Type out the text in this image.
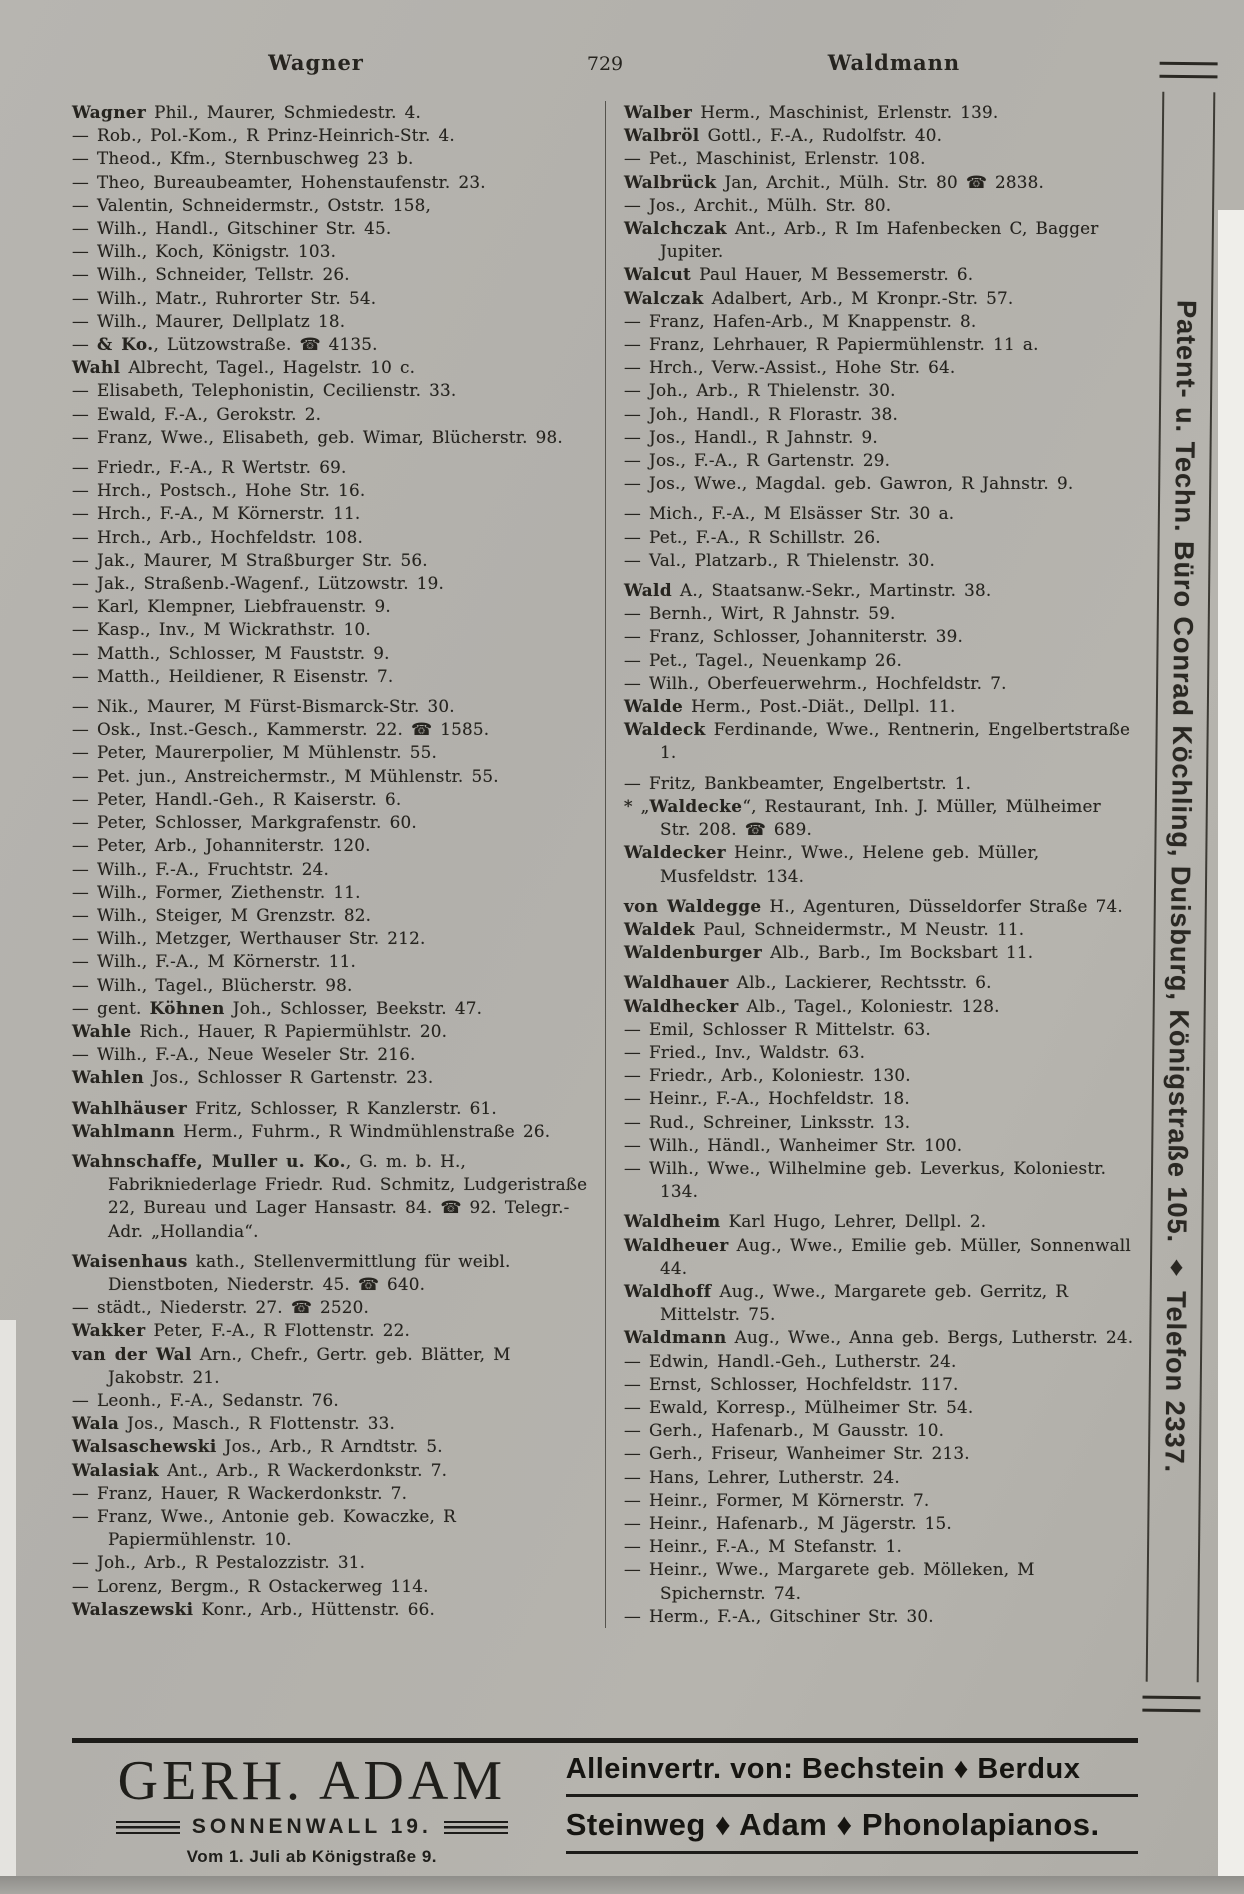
Wagner	729	Waldmann
Wagner Phil., Maurer, Schmiedestr. 4.
— Rob., Pol.-Kom., R Prinz-Heinrich-Str. 4.
— Theod., Kfm., Sternbuschweg 23 b.
— Theo, Bureaubeamter, Hohenstaufenstr. 23.
— Valentin, Schneidermstr., Oststr. 158,
— Wilh., Handl., Gitschiner Str. 45.
— Wilh., Koch, Königstr. 103.
— Wilh., Schneider, Tellstr. 26.
— Wilh., Matr., Ruhrorter Str. 54.
— Wilh., Maurer, Dellplatz 18.
— & Ko., Lützowstraße. ☎ 4135.
Wahl Albrecht, Tagel., Hagelstr. 10 c.
— Elisabeth, Telephonistin, Cecilienstr. 33.
— Ewald, F.-A., Gerokstr. 2.
— Franz, Wwe., Elisabeth, geb. Wimar, Blücherstr. 98.
— Friedr., F.-A., R Wertstr. 69.
— Hrch., Postsch., Hohe Str. 16.
— Hrch., F.-A., M Körnerstr. 11.
— Hrch., Arb., Hochfeldstr. 108.
— Jak., Maurer, M Straßburger Str. 56.
— Jak., Straßenb.-Wagenf., Lützowstr. 19.
— Karl, Klempner, Liebfrauenstr. 9.
— Kasp., Inv., M Wickrathstr. 10.
— Matth., Schlosser, M Fauststr. 9.
— Matth., Heildiener, R Eisenstr. 7.
— Nik., Maurer, M Fürst-Bismarck-Str. 30.
— Osk., Inst.-Gesch., Kammerstr. 22. ☎ 1585.
— Peter, Maurerpolier, M Mühlenstr. 55.
— Pet. jun., Anstreichermstr., M Mühlenstr. 55.
— Peter, Handl.-Geh., R Kaiserstr. 6.
— Peter, Schlosser, Markgrafenstr. 60.
— Peter, Arb., Johanniterstr. 120.
— Wilh., F.-A., Fruchtstr. 24.
— Wilh., Former, Ziethenstr. 11.
— Wilh., Steiger, M Grenzstr. 82.
— Wilh., Metzger, Werthauser Str. 212.
— Wilh., F.-A., M Körnerstr. 11.
— Wilh., Tagel., Blücherstr. 98.
— gent. Köhnen Joh., Schlosser, Beekstr. 47.
Wahle Rich., Hauer, R Papiermühlstr. 20.
— Wilh., F.-A., Neue Weseler Str. 216.
Wahlen Jos., Schlosser R Gartenstr. 23.
Wahlhäuser Fritz, Schlosser, R Kanzlerstr. 61.
Wahlmann Herm., Fuhrm., R Windmühlenstraße 26.
Wahnschaffe, Muller u. Ko., G. m. b. H., Fabrikniederlage Friedr. Rud. Schmitz, Ludgeristraße 22, Bureau und Lager Hansastr. 84. ☎ 92. Telegr.-Adr. „Hollandia“.
Waisenhaus kath., Stellenvermittlung für weibl. Dienstboten, Niederstr. 45. ☎ 640.
— städt., Niederstr. 27. ☎ 2520.
Wakker Peter, F.-A., R Flottenstr. 22.
van der Wal Arn., Chefr., Gertr. geb. Blätter, M Jakobstr. 21.
— Leonh., F.-A., Sedanstr. 76.
Wala Jos., Masch., R Flottenstr. 33.
Walsaschewski Jos., Arb., R Arndtstr. 5.
Walasiak Ant., Arb., R Wackerdonkstr. 7.
— Franz, Hauer, R Wackerdonkstr. 7.
— Franz, Wwe., Antonie geb. Kowaczke, R Papiermühlenstr. 10.
— Joh., Arb., R Pestalozzistr. 31.
— Lorenz, Bergm., R Ostackerweg 114.
Walaszewski Konr., Arb., Hüttenstr. 66.
Walber Herm., Maschinist, Erlenstr. 139.
Walbröl Gottl., F.-A., Rudolfstr. 40.
— Pet., Maschinist, Erlenstr. 108.
Walbrück Jan, Archit., Mülh. Str. 80 ☎ 2838.
— Jos., Archit., Mülh. Str. 80.
Walchczak Ant., Arb., R Im Hafenbecken C, Bagger Jupiter.
Walcut Paul Hauer, M Bessemerstr. 6.
Walczak Adalbert, Arb., M Kronpr.-Str. 57.
— Franz, Hafen-Arb., M Knappenstr. 8.
— Franz, Lehrhauer, R Papiermühlenstr. 11 a.
— Hrch., Verw.-Assist., Hohe Str. 64.
— Joh., Arb., R Thielenstr. 30.
— Joh., Handl., R Florastr. 38.
— Jos., Handl., R Jahnstr. 9.
— Jos., F.-A., R Gartenstr. 29.
— Jos., Wwe., Magdal. geb. Gawron, R Jahnstr. 9.
— Mich., F.-A., M Elsässer Str. 30 a.
— Pet., F.-A., R Schillstr. 26.
— Val., Platzarb., R Thielenstr. 30.
Wald A., Staatsanw.-Sekr., Martinstr. 38.
— Bernh., Wirt, R Jahnstr. 59.
— Franz, Schlosser, Johanniterstr. 39.
— Pet., Tagel., Neuenkamp 26.
— Wilh., Oberfeuerwehrm., Hochfeldstr. 7.
Walde Herm., Post.-Diät., Dellpl. 11.
Waldeck Ferdinande, Wwe., Rentnerin, Engelbertstraße 1.
— Fritz, Bankbeamter, Engelbertstr. 1.
* „Waldecke“, Restaurant, Inh. J. Müller, Mülheimer Str. 208. ☎ 689.
Waldecker Heinr., Wwe., Helene geb. Müller, Musfeldstr. 134.
von Waldegge H., Agenturen, Düsseldorfer Straße 74.
Waldek Paul, Schneidermstr., M Neustr. 11.
Waldenburger Alb., Barb., Im Bocksbart 11.
Waldhauer Alb., Lackierer, Rechtsstr. 6.
Waldhecker Alb., Tagel., Koloniestr. 128.
— Emil, Schlosser R Mittelstr. 63.
— Fried., Inv., Waldstr. 63.
— Friedr., Arb., Koloniestr. 130.
— Heinr., F.-A., Hochfeldstr. 18.
— Rud., Schreiner, Linksstr. 13.
— Wilh., Händl., Wanheimer Str. 100.
— Wilh., Wwe., Wilhelmine geb. Leverkus, Koloniestr. 134.
Waldheim Karl Hugo, Lehrer, Dellpl. 2.
Waldheuer Aug., Wwe., Emilie geb. Müller, Sonnenwall 44.
Waldhoff Aug., Wwe., Margarete geb. Gerritz, R Mittelstr. 75.
Waldmann Aug., Wwe., Anna geb. Bergs, Lutherstr. 24.
— Edwin, Handl.-Geh., Lutherstr. 24.
— Ernst, Schlosser, Hochfeldstr. 117.
— Ewald, Korresp., Mülheimer Str. 54.
— Gerh., Hafenarb., M Gausstr. 10.
— Gerh., Friseur, Wanheimer Str. 213.
— Hans, Lehrer, Lutherstr. 24.
— Heinr., Former, M Körnerstr. 7.
— Heinr., Hafenarb., M Jägerstr. 15.
— Heinr., F.-A., M Stefanstr. 1.
— Heinr., Wwe., Margarete geb. Mölleken, M Spichernstr. 74.
— Herm., F.-A., Gitschiner Str. 30.
GERH. ADAM
SONNENWALL 19.
Vom 1. Juli ab Königstraße 9.
Alleinvertr. von: Bechstein ♦ Berdux
Steinweg ♦ Adam ♦ Phonolapianos.
Patent- u. Techn. Büro Conrad Köchling, Duisburg, Königstraße 105. ♦ Telefon 2337.
